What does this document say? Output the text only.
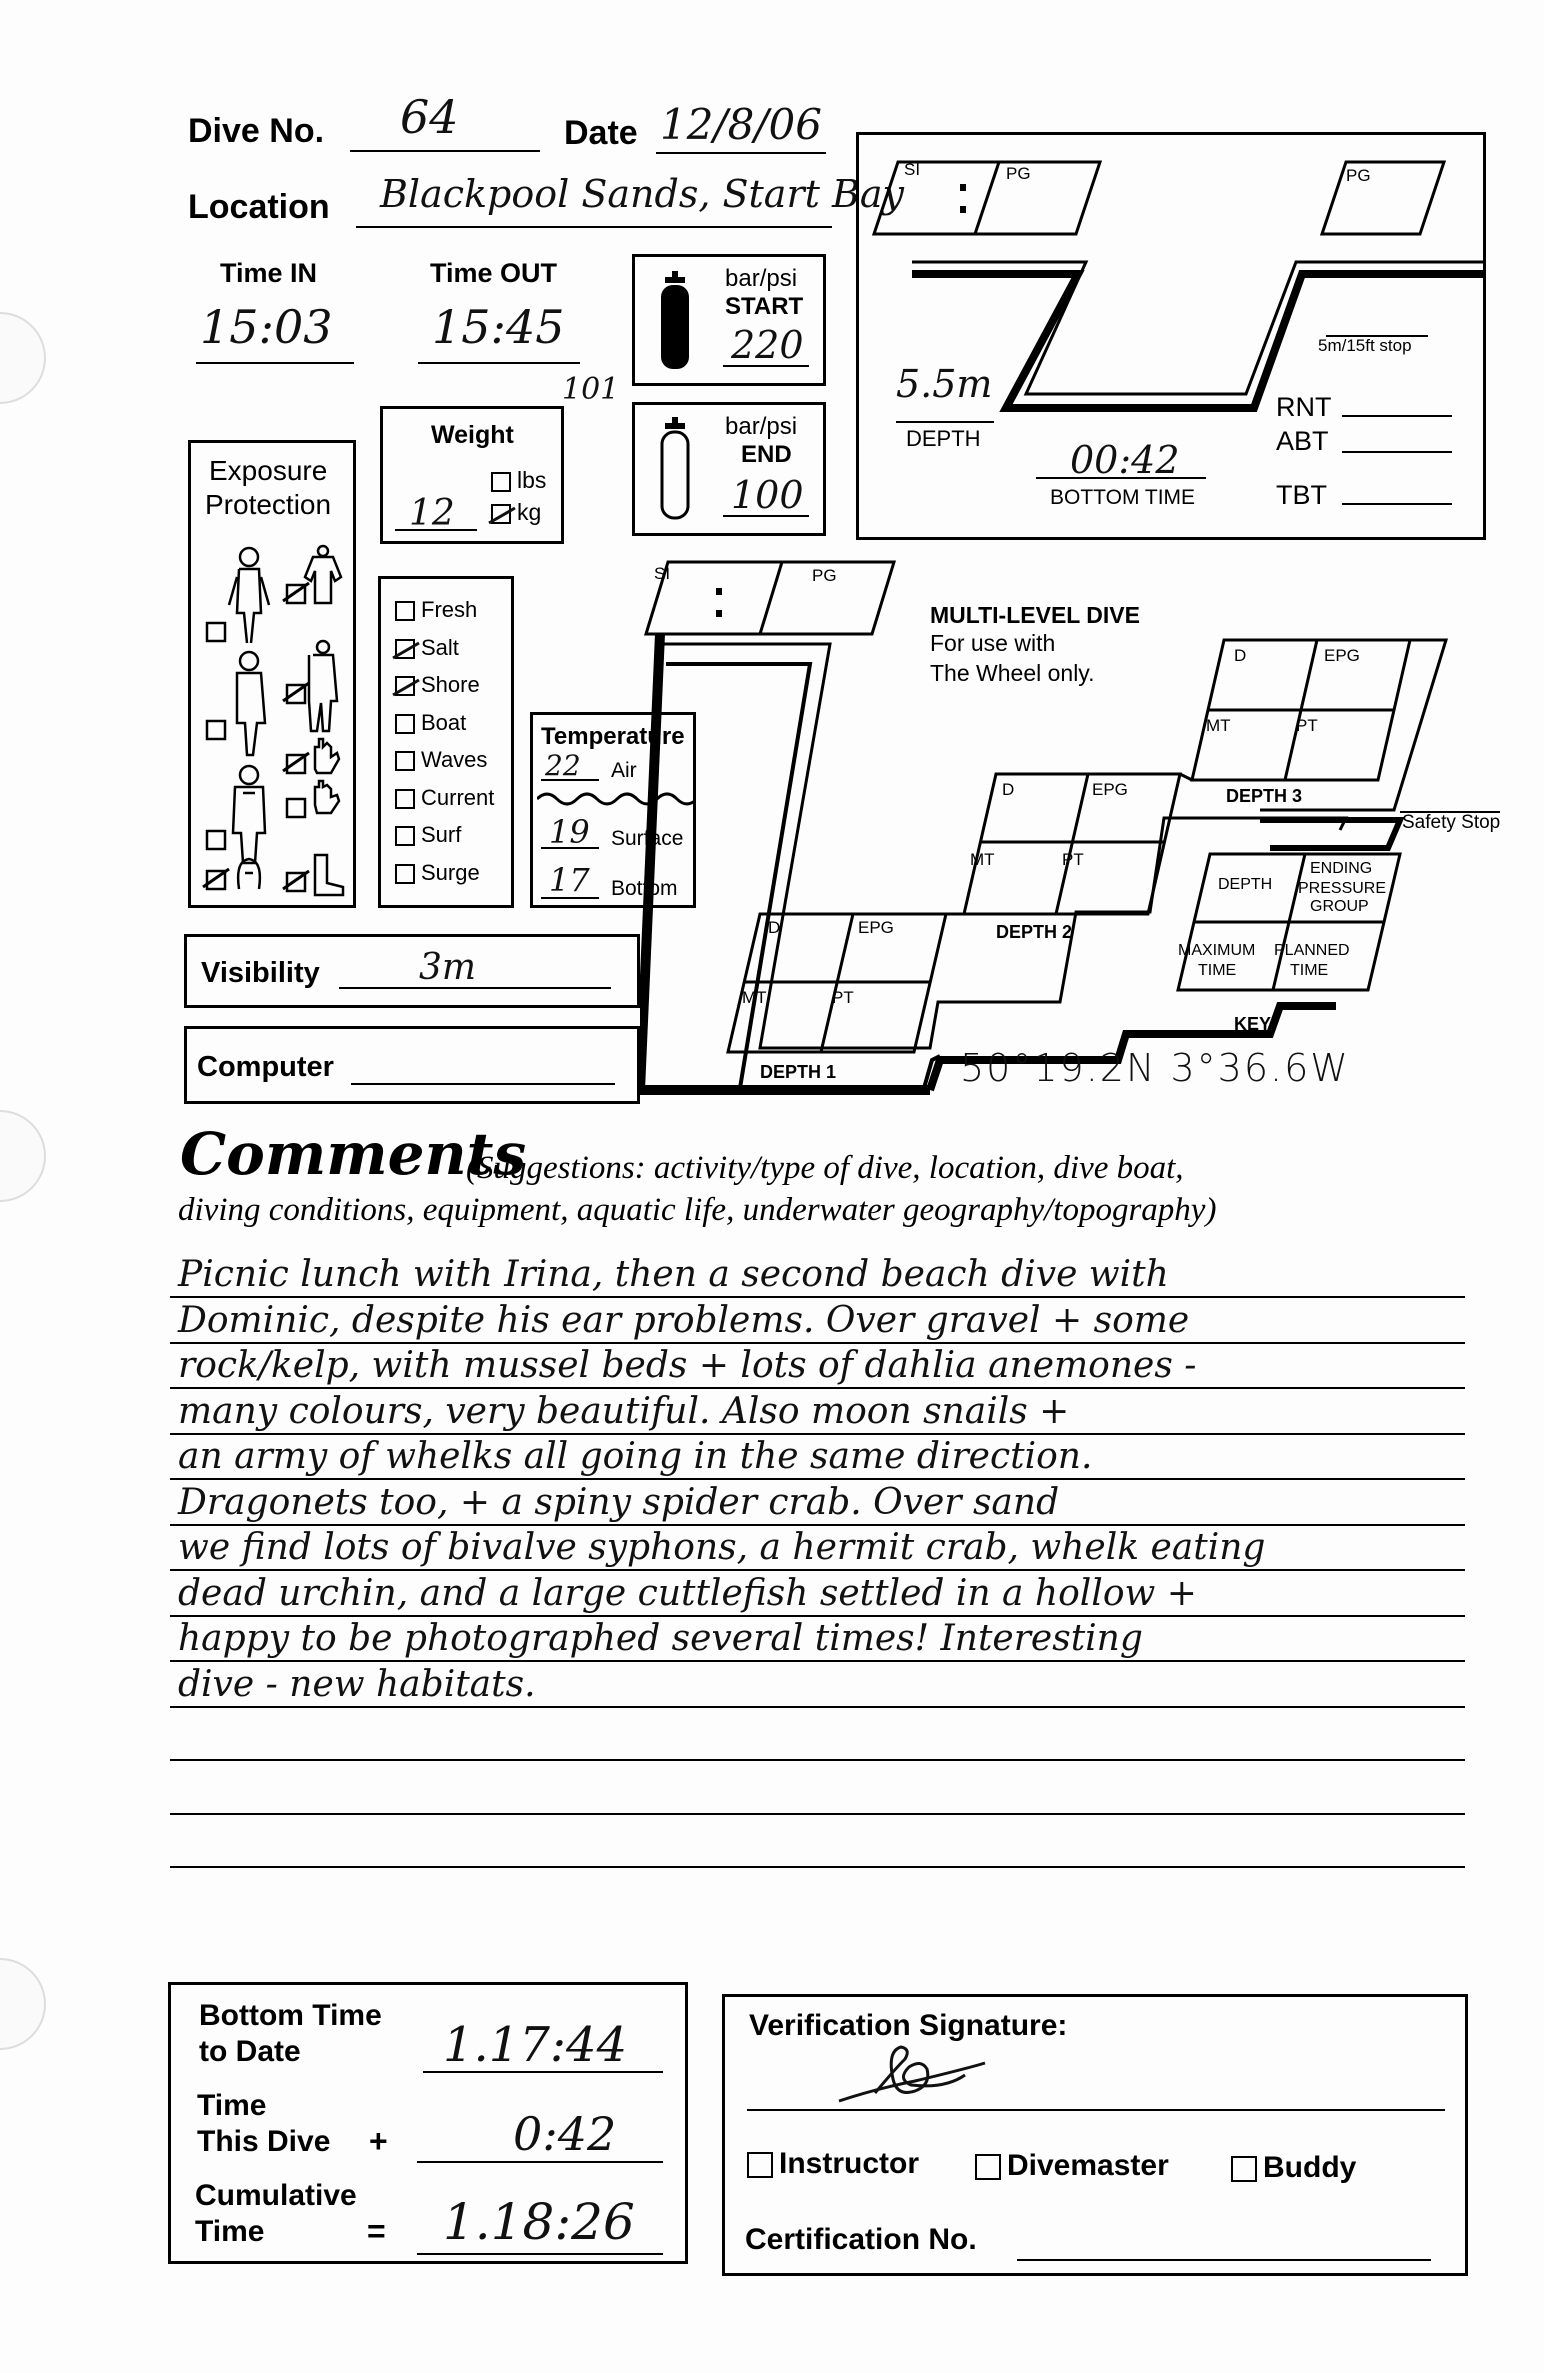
Dive No. 64	Date 12/8/06
Location Blackpool Sands, Start Bay
Time IN
15:03
Time OUT
15:45
101
bar/psi
START
220
bar/psi
END
100
Weight
lbs
kg
12
Exposure
Protection
Fresh
Salt
Shore
Boat
Waves
Current
Surf
Surge
Temperature
22 Air
19 Surface
17 Bottom
Visibility	3m
Computer
SI	PG	PG
5.5m
DEPTH 00:42
BOTTOM TIME
5m/15ft stop
RNT
ABT
TBT
SI	PG
MULTI-LEVEL DIVE
For use with
The Wheel only.
D	EPG
MT	PT
DEPTH 3
Safety Stop
D	EPG
MT	PT
DEPTH 2
D	EPG
MT	PT
DEPTH 1
DEPTH
ENDING
PRESSURE
GROUP
MAXIMUM
TIME
PLANNED
TIME
KEY
50°19.2N 3°36.6W
Comments
(Suggestions: activity/type of dive, location, dive boat,
diving conditions, equipment, aquatic life, underwater geography/topography)
Picnic lunch with Irina, then a second beach dive with
Dominic, despite his ear problems. Over gravel + some
rock/kelp, with mussel beds + lots of dahlia anemones -
many colours, very beautiful. Also moon snails +
an army of whelks all going in the same direction.
Dragonets too, + a spiny spider crab. Over sand
we find lots of bivalve syphons, a hermit crab, whelk eating
dead urchin, and a large cuttlefish settled in a hollow +
happy to be photographed several times! Interesting
dive - new habitats.
Bottom Time
to Date	1.17:44
Time
This Dive +	0:42
Cumulative
Time	= 1.18:26
Verification Signature:
Instructor	Divemaster	Buddy
Certification No.
